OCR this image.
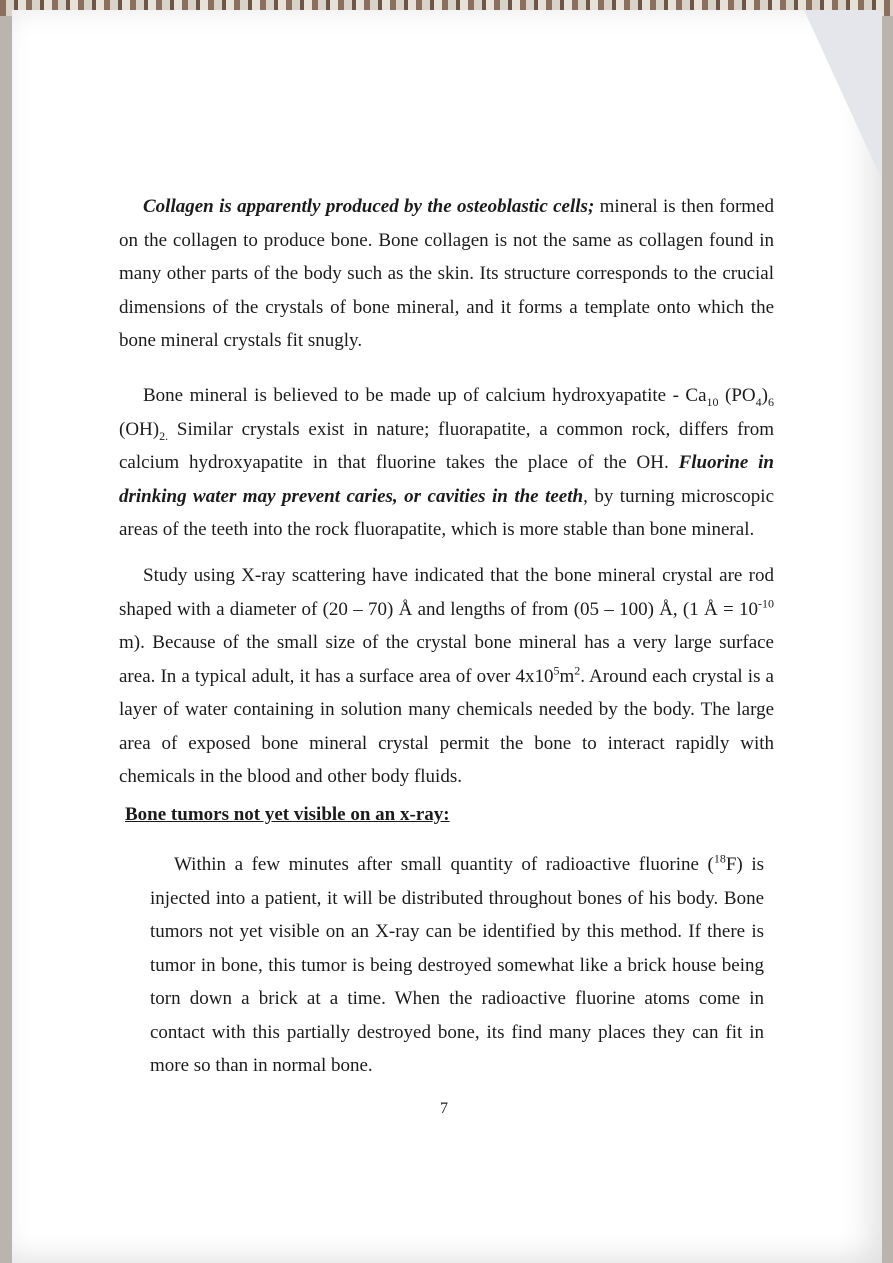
Collagen is apparently produced by the osteoblastic cells; mineral is then formed on the collagen to produce bone. Bone collagen is not the same as collagen found in many other parts of the body such as the skin. Its structure corresponds to the crucial dimensions of the crystals of bone mineral, and it forms a template onto which the bone mineral crystals fit snugly.

Bone mineral is believed to be made up of calcium hydroxyapatite - $Ca_{10}$ $(PO_4)_6$ $(OH)_{2.}$ Similar crystals exist in nature; fluorapatite, a common rock, differs from calcium hydroxyapatite in that fluorine takes the place of the OH. Fluorine in drinking water may prevent caries, or cavities in the teeth, by turning microscopic areas of the teeth into the rock fluorapatite, which is more stable than bone mineral.

Study using X-ray scattering have indicated that the bone mineral crystal are rod shaped with a diameter of (20 – 70) Å and lengths of from (05 – 100) Å, (1 Å = $10^{-10}$ m). Because of the small size of the crystal bone mineral has a very large surface area. In a typical adult, it has a surface area of over $4x10^5m^2$. Around each crystal is a layer of water containing in solution many chemicals needed by the body. The large area of exposed bone mineral crystal permit the bone to interact rapidly with chemicals in the blood and other body fluids.

Bone tumors not yet visible on an x-ray:

Within a few minutes after small quantity of radioactive fluorine ($^{18}$F) is injected into a patient, it will be distributed throughout bones of his body. Bone tumors not yet visible on an X-ray can be identified by this method. If there is tumor in bone, this tumor is being destroyed somewhat like a brick house being torn down a brick at a time. When the radioactive fluorine atoms come in contact with this partially destroyed bone, its find many places they can fit in more so than in normal bone.

7
